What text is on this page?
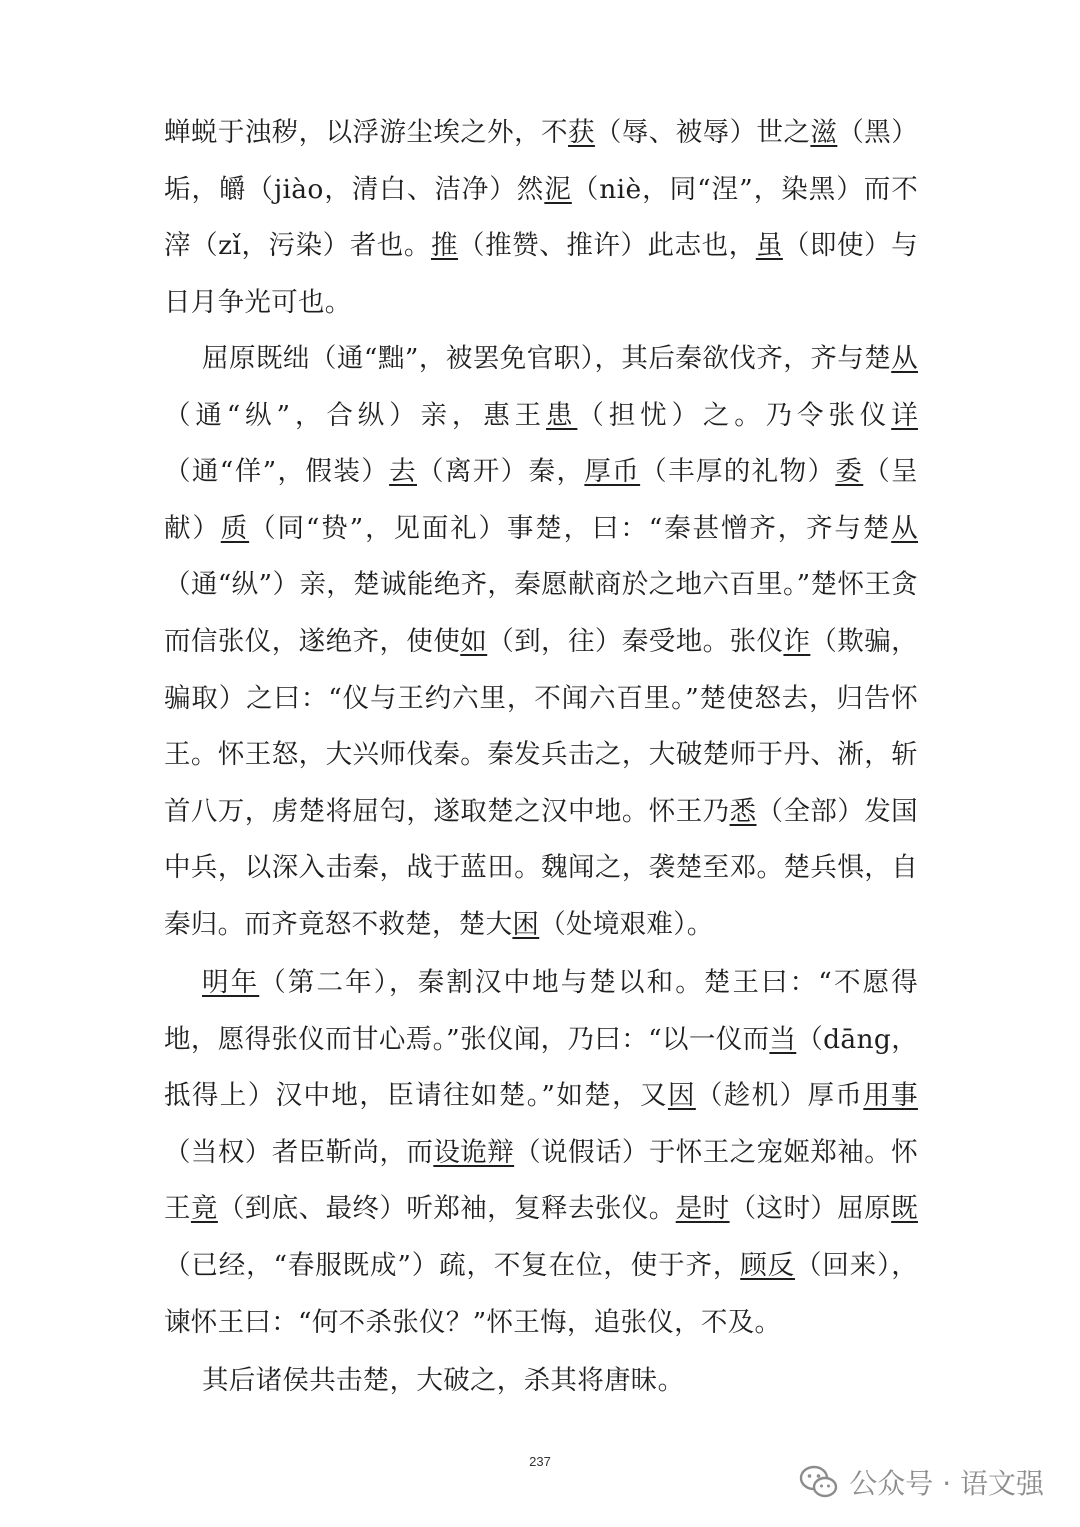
蝉蜕于浊秽，以浮游尘埃之外，不获（辱、被辱）世之滋（黑）垢，皭（jiào，清白、洁净）然泥（niè，同“涅”，染黑）而不滓（zǐ，污染）者也。推（推赞、推许）此志也，虽（即使）与日月争光可也。

屈原既绌（通“黜”，被罢免官职），其后秦欲伐齐，齐与楚从（通“纵”，合纵）亲，惠王患（担忧）之。乃令张仪详（通“佯”，假装）去（离开）秦，厚币（丰厚的礼物）委（呈献）质（同“贽”，见面礼）事楚，曰：“秦甚憎齐，齐与楚从（通“纵”）亲，楚诚能绝齐，秦愿献商於之地六百里。”楚怀王贪而信张仪，遂绝齐，使使如（到，往）秦受地。张仪诈（欺骗，骗取）之曰：“仪与王约六里，不闻六百里。”楚使怒去，归告怀王。怀王怒，大兴师伐秦。秦发兵击之，大破楚师于丹、淅，斩首八万，虏楚将屈匄，遂取楚之汉中地。怀王乃悉（全部）发国中兵，以深入击秦，战于蓝田。魏闻之，袭楚至邓。楚兵惧，自秦归。而齐竟怒不救楚，楚大困（处境艰难）。

明年（第二年），秦割汉中地与楚以和。楚王曰：“不愿得地，愿得张仪而甘心焉。”张仪闻，乃曰：“以一仪而当（dāng，抵得上）汉中地，臣请往如楚。”如楚，又因（趁机）厚币用事（当权）者臣靳尚，而设诡辩（说假话）于怀王之宠姬郑袖。怀王竟（到底、最终）听郑袖，复释去张仪。是时（这时）屈原既（已经，“春服既成”）疏，不复在位，使于齐，顾反（回来），谏怀王曰：“何不杀张仪？”怀王悔，追张仪，不及。

其后诸侯共击楚，大破之，杀其将唐昧。

237
公众号 · 语文强
